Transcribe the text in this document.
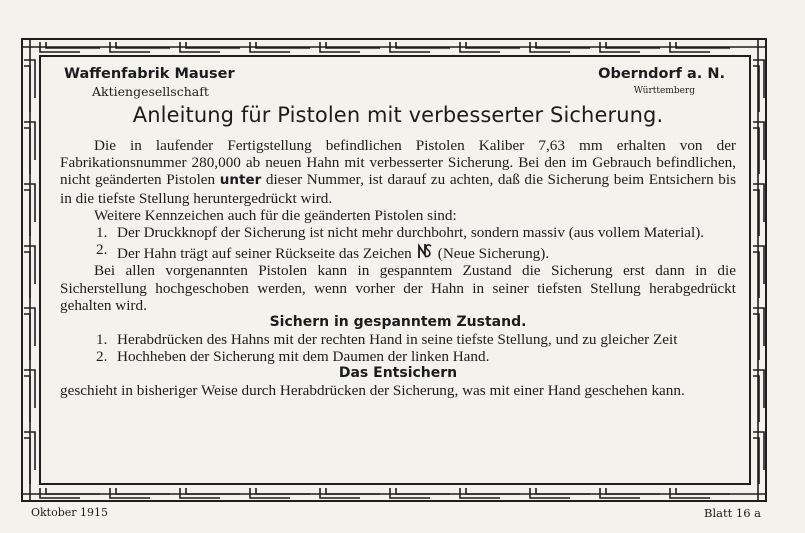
Waffenfabrik Mauser
Aktiengesellschaft
Oberndorf a. N.
Württemberg
Anleitung für Pistolen mit verbesserter Sicherung.

Die in laufender Fertigstellung befindlichen Pistolen Kaliber 7,63 mm erhalten von der Fabrikationsnummer 280,000 ab neuen Hahn mit verbesserter Sicherung. Bei den im Gebrauch befindlichen, nicht geänderten Pistolen unter dieser Nummer, ist darauf zu achten, daß die Sicherung beim Entsichern bis in die tiefste Stellung heruntergedrückt wird.

Weitere Kennzeichen auch für die geänderten Pistolen sind:

1. Der Druckknopf der Sicherung ist nicht mehr durchbohrt, sondern massiv (aus vollem Material).
2. Der Hahn trägt auf seiner Rückseite das Zeichen (Neue Sicherung).

Bei allen vorgenannten Pistolen kann in gespanntem Zustand die Sicherung erst dann in die Sicherstellung hochgeschoben werden, wenn vorher der Hahn in seiner tiefsten Stellung herabgedrückt gehalten wird.

Sichern in gespanntem Zustand.

1. Herabdrücken des Hahns mit der rechten Hand in seine tiefste Stellung, und zu gleicher Zeit
2. Hochheben der Sicherung mit dem Daumen der linken Hand.

Das Entsichern

geschieht in bisheriger Weise durch Herabdrücken der Sicherung, was mit einer Hand geschehen kann.

Oktober 1915	Blatt 16 a
